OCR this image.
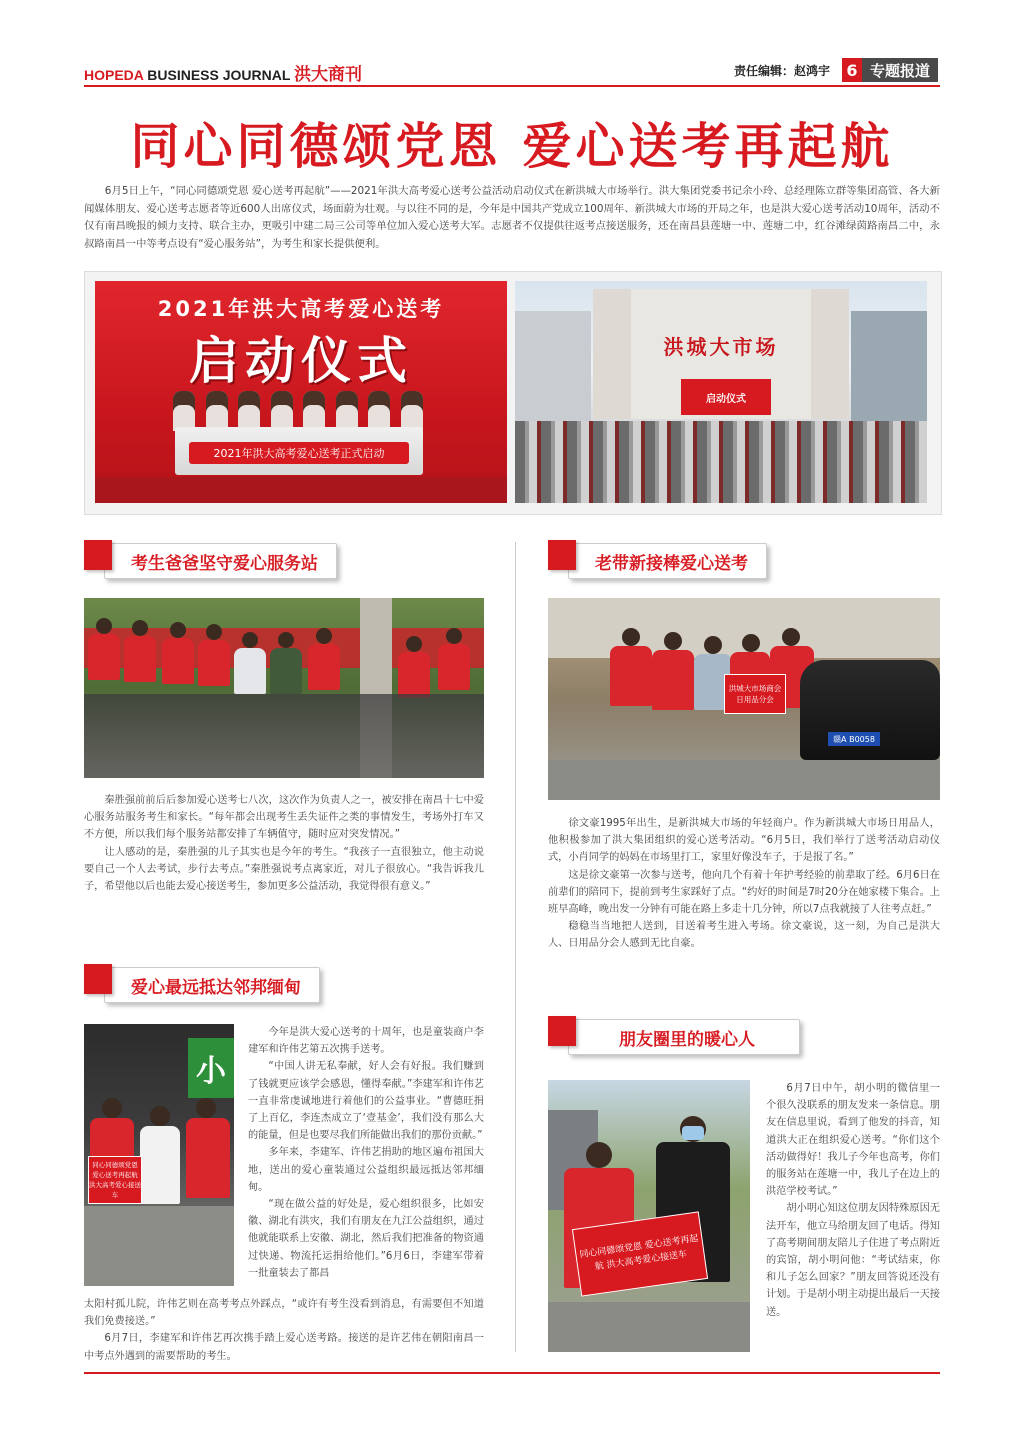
HOPEDA BUSINESS JOURNAL 洪大商刊	责任编辑： 赵鸿宇 6 专题报道
同心同德颂党恩 爱心送考再起航

6月5日上午，“同心同德颂党恩 爱心送考再起航”——2021年洪大高考爱心送考公益活动启动仪式在新洪城大市场举行。洪大集团党委书记余小玲、总经理陈立群等集团高管、各大新闻媒体朋友、爱心送考志愿者等近600人出席仪式，场面蔚为壮观。与以往不同的是，今年是中国共产党成立100周年、新洪城大市场的开局之年，也是洪大爱心送考活动10周年，活动不仅有南昌晚报的倾力支持、联合主办，更吸引中建二局三公司等单位加入爱心送考大军。志愿者不仅提供往返考点接送服务，还在南昌县莲塘一中、莲塘二中，红谷滩绿茵路南昌二中，永叔路南昌一中等考点设有“爱心服务站”，为考生和家长提供便利。

2021年洪大高考爱心送考
启动仪式
2021年洪大高考爱心送考正式启动
洪城大市场
启动仪式
考生爸爸坚守爱心服务站

秦胜强前前后后参加爱心送考七八次，这次作为负责人之一，被安排在南昌十七中爱心服务站服务考生和家长。“每年都会出现考生丢失证件之类的事情发生，考场外打车又不方便，所以我们每个服务站都安排了车辆值守，随时应对突发情况。”

让人感动的是，秦胜强的儿子其实也是今年的考生。“我孩子一直很独立，他主动说要自己一个人去考试，步行去考点。”秦胜强说考点离家近，对儿子很放心。“我告诉我儿子，希望他以后也能去爱心接送考生，参加更多公益活动，我觉得很有意义。”

老带新接棒爱心送考
洪城大市场商会 日用品分会
赣A B0058

徐文豪1995年出生，是新洪城大市场的年轻商户。作为新洪城大市场日用品人，他积极参加了洪大集团组织的爱心送考活动。“6月5日，我们举行了送考活动启动仪式，小肖同学的妈妈在市场里打工，家里好像没车子，于是报了名。”

这是徐文豪第一次参与送考，他向几个有着十年护考经验的前辈取了经。6月6日在前辈们的陪同下，提前到考生家踩好了点。“约好的时间是7时20分在她家楼下集合。上班早高峰，晚出发一分钟有可能在路上多走十几分钟，所以7点我就接了人往考点赶。”

稳稳当当地把人送到，目送着考生进入考场。徐文豪说，这一刻，为自己是洪大人、日用品分会人感到无比自豪。

爱心最远抵达邻邦缅甸
小
同心同德颂党恩 爱心送考再起航 洪大高考爱心接送车

今年是洪大爱心送考的十周年，也是童装商户李建军和许伟艺第五次携手送考。

“中国人讲无私奉献，好人会有好报。我们赚到了钱就更应该学会感恩，懂得奉献。”李建军和许伟艺一直非常虔诚地进行着他们的公益事业。“曹德旺捐了上百亿，李连杰成立了‘壹基金’，我们没有那么大的能量，但是也要尽我们所能做出我们的那份贡献。”

多年来，李建军、许伟艺捐助的地区遍布祖国大地，送出的爱心童装通过公益组织最远抵达邻邦缅甸。

“现在做公益的好处是，爱心组织很多，比如安徽、湖北有洪灾，我们有朋友在九江公益组织，通过他就能联系上安徽、湖北，然后我们把准备的物资通过快递、物流托运捐给他们。”6月6日，李建军带着一批童装去了都昌

太阳村孤儿院，许伟艺则在高考考点外踩点，“或许有考生没看到消息，有需要但不知道我们免费接送。”

6月7日，李建军和许伟艺再次携手踏上爱心送考路。接送的是许艺伟在朝阳南昌一中考点外遇到的需要帮助的考生。

朋友圈里的暖心人
同心同德颂党恩 爱心送考再起航 洪大高考爱心接送车

6月7日中午，胡小明的微信里一个很久没联系的朋友发来一条信息。朋友在信息里说，看到了他发的抖音，知道洪大正在组织爱心送考。“你们这个活动做得好！我儿子今年也高考，你们的服务站在莲塘一中，我儿子在边上的洪范学校考试。”

胡小明心知这位朋友因特殊原因无法开车，他立马给朋友回了电话。得知了高考期间朋友陪儿子住进了考点附近的宾馆，胡小明问他：“考试结束，你和儿子怎么回家？”朋友回答说还没有计划。于是胡小明主动提出最后一天接送。
